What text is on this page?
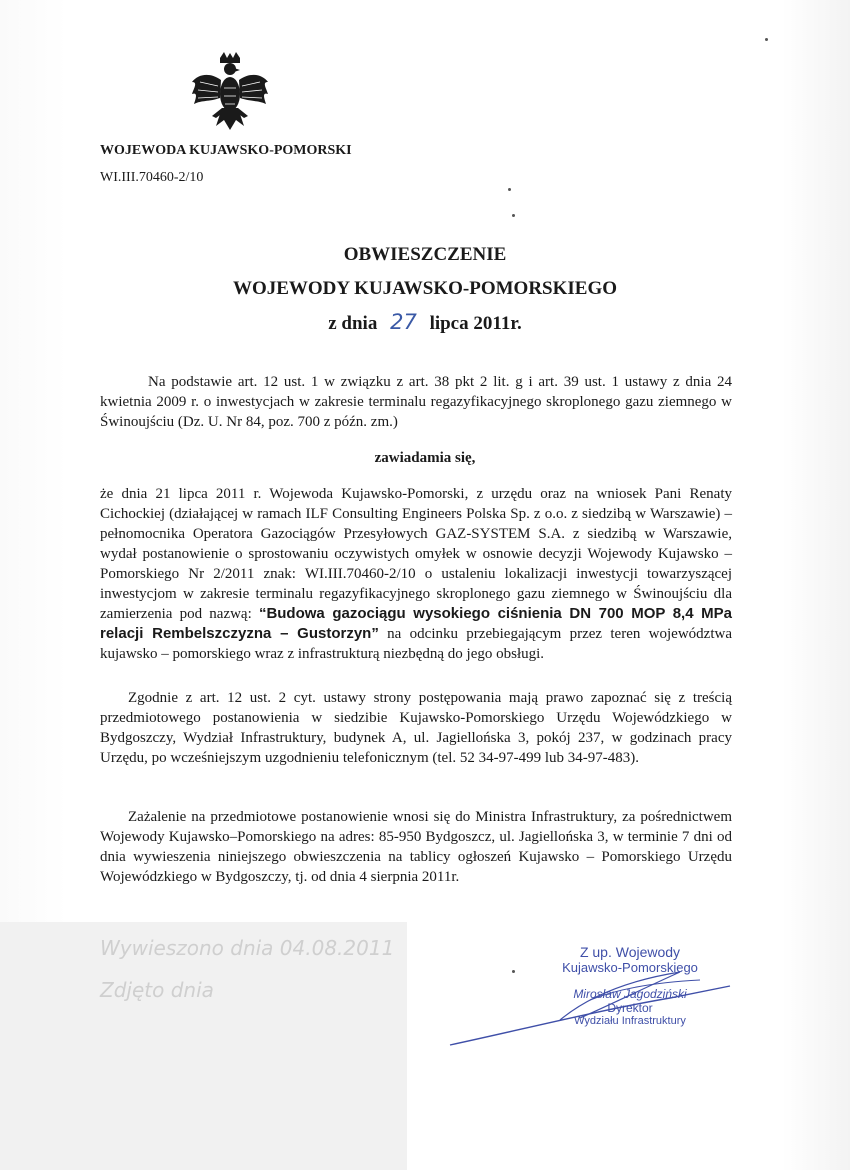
WOJEWODA KUJAWSKO-POMORSKI
WI.III.70460-2/10
OBWIESZCZENIE
WOJEWODY KUJAWSKO-POMORSKIEGO
z dnia 27 lipca 2011r.
Na podstawie art. 12 ust. 1 w związku z art. 38 pkt 2 lit. g i art. 39 ust. 1 ustawy z dnia 24 kwietnia 2009 r. o inwestycjach w zakresie terminalu regazyfikacyjnego skroplonego gazu ziemnego w Świnoujściu (Dz. U. Nr 84, poz. 700 z późn. zm.)
zawiadamia się,
że dnia 21 lipca 2011 r. Wojewoda Kujawsko-Pomorski, z urzędu oraz na wniosek Pani Renaty Cichockiej (działającej w ramach ILF Consulting Engineers Polska Sp. z o.o. z siedzibą w Warszawie) – pełnomocnika Operatora Gazociągów Przesyłowych GAZ-SYSTEM S.A. z siedzibą w Warszawie, wydał postanowienie o sprostowaniu oczywistych omyłek w osnowie decyzji Wojewody Kujawsko – Pomorskiego Nr 2/2011 znak: WI.III.70460-2/10 o ustaleniu lokalizacji inwestycji towarzyszącej inwestycjom w zakresie terminalu regazyfikacyjnego skroplonego gazu ziemnego w Świnoujściu dla zamierzenia pod nazwą: “Budowa gazociągu wysokiego ciśnienia DN 700 MOP 8,4 MPa relacji Rembelszczyzna – Gustorzyn” na odcinku przebiegającym przez teren województwa kujawsko – pomorskiego wraz z infrastrukturą niezbędną do jego obsługi.
Zgodnie z art. 12 ust. 2 cyt. ustawy strony postępowania mają prawo zapoznać się z treścią przedmiotowego postanowienia w siedzibie Kujawsko-Pomorskiego Urzędu Wojewódzkiego w Bydgoszczy, Wydział Infrastruktury, budynek A, ul. Jagiellońska 3, pokój 237, w godzinach pracy Urzędu, po wcześniejszym uzgodnieniu telefonicznym (tel. 52 34-97-499 lub 34-97-483).
Zażalenie na przedmiotowe postanowienie wnosi się do Ministra Infrastruktury, za pośrednictwem Wojewody Kujawsko–Pomorskiego na adres: 85-950 Bydgoszcz, ul. Jagiellońska 3, w terminie 7 dni od dnia wywieszenia niniejszego obwieszczenia na tablicy ogłoszeń Kujawsko – Pomorskiego Urzędu Wojewódzkiego w Bydgoszczy, tj. od dnia 4 sierpnia 2011r.
Wywieszono dnia 04.08.2011
Zdjęto dnia
Z up. Wojewody
Kujawsko-Pomorskiego
Mirosław Jagodziński
Dyrektor
Wydziału Infrastruktury
